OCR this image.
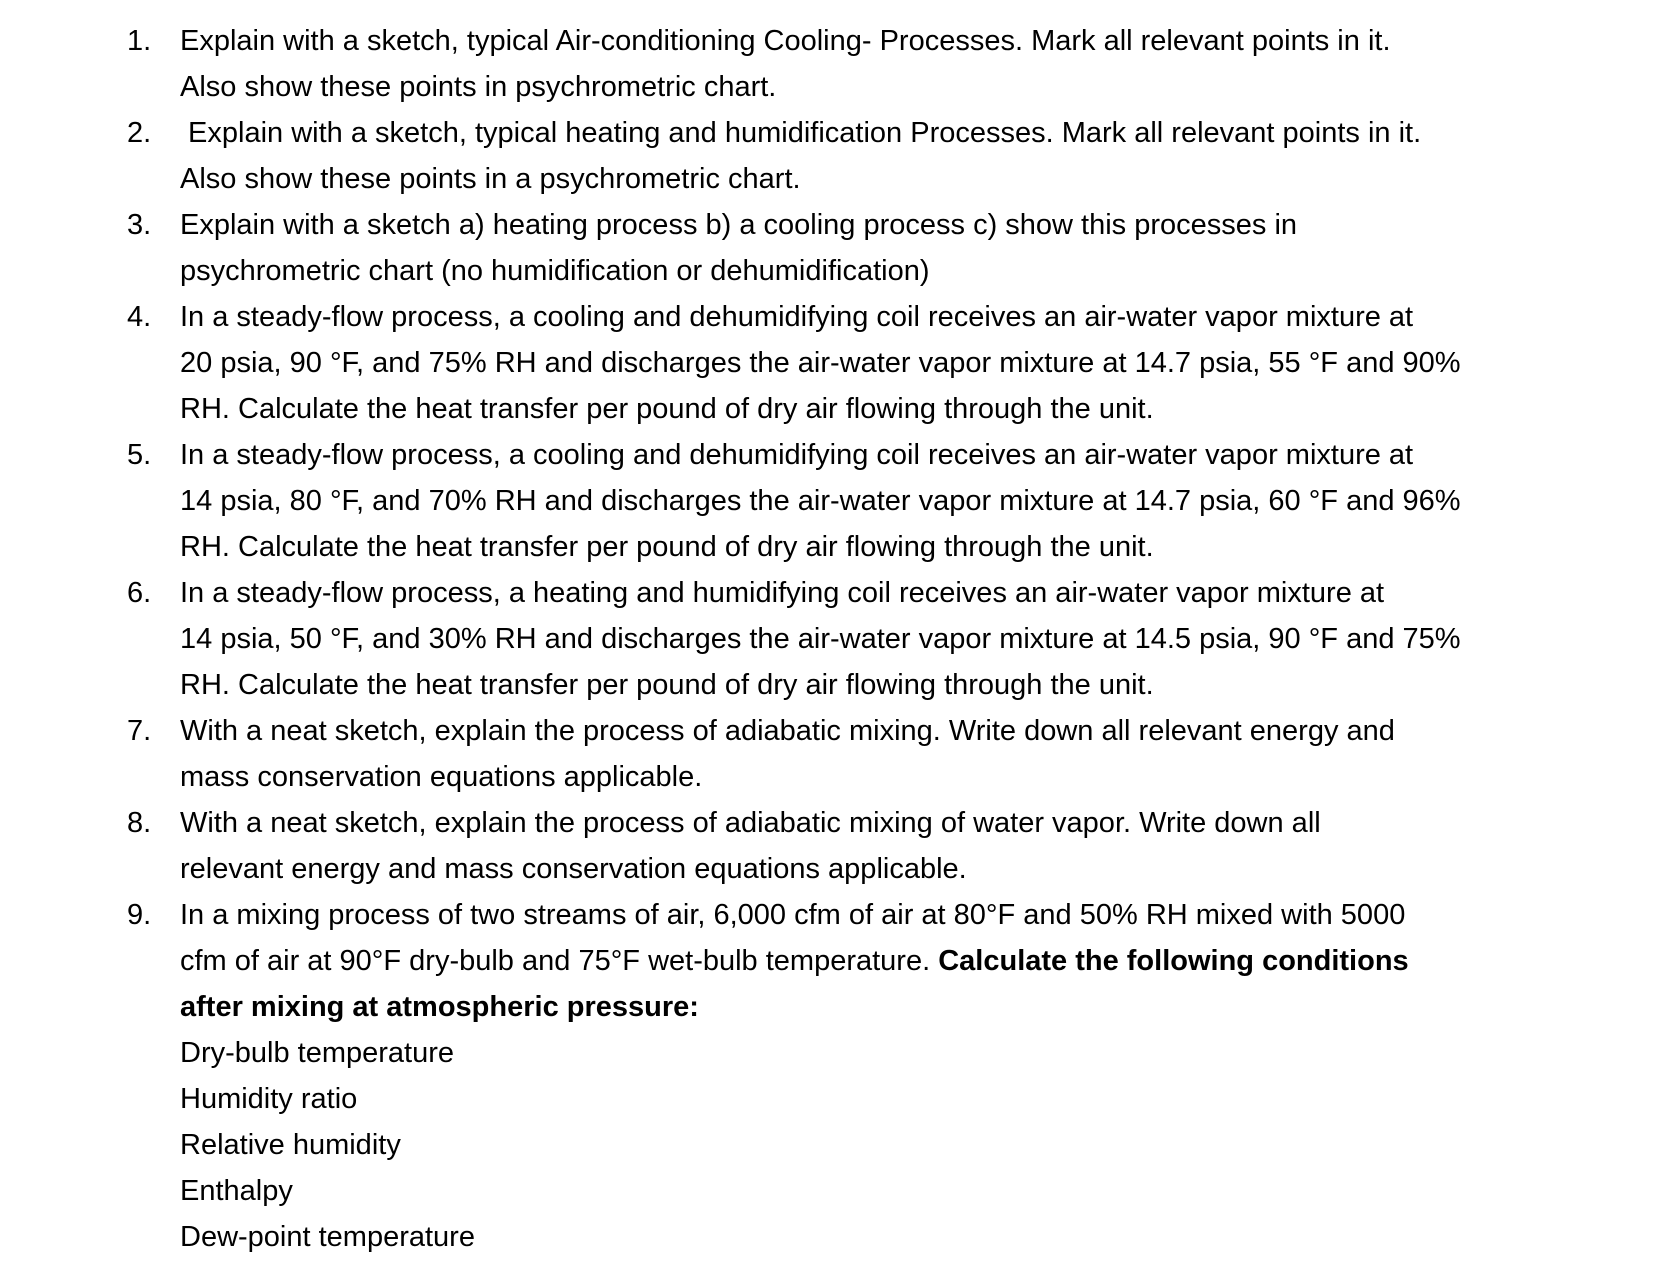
1. Explain with a sketch, typical Air-conditioning Cooling- Processes. Mark all relevant points in it.
Also show these points in psychrometric chart.
2. Explain with a sketch, typical heating and humidification Processes. Mark all relevant points in it.
Also show these points in a psychrometric chart.
3. Explain with a sketch a) heating process b) a cooling process c) show this processes in
psychrometric chart (no humidification or dehumidification)
4. In a steady-flow process, a cooling and dehumidifying coil receives an air-water vapor mixture at
20 psia, 90 °F, and 75% RH and discharges the air-water vapor mixture at 14.7 psia, 55 °F and 90%
RH. Calculate the heat transfer per pound of dry air flowing through the unit.
5. In a steady-flow process, a cooling and dehumidifying coil receives an air-water vapor mixture at
14 psia, 80 °F, and 70% RH and discharges the air-water vapor mixture at 14.7 psia, 60 °F and 96%
RH. Calculate the heat transfer per pound of dry air flowing through the unit.
6. In a steady-flow process, a heating and humidifying coil receives an air-water vapor mixture at
14 psia, 50 °F, and 30% RH and discharges the air-water vapor mixture at 14.5 psia, 90 °F and 75%
RH. Calculate the heat transfer per pound of dry air flowing through the unit.
7. With a neat sketch, explain the process of adiabatic mixing. Write down all relevant energy and
mass conservation equations applicable.
8. With a neat sketch, explain the process of adiabatic mixing of water vapor. Write down all
relevant energy and mass conservation equations applicable.
9. In a mixing process of two streams of air, 6,000 cfm of air at 80°F and 50% RH mixed with 5000
cfm of air at 90°F dry-bulb and 75°F wet-bulb temperature. Calculate the following conditions
after mixing at atmospheric pressure:
Dry-bulb temperature
Humidity ratio
Relative humidity
Enthalpy
Dew-point temperature
